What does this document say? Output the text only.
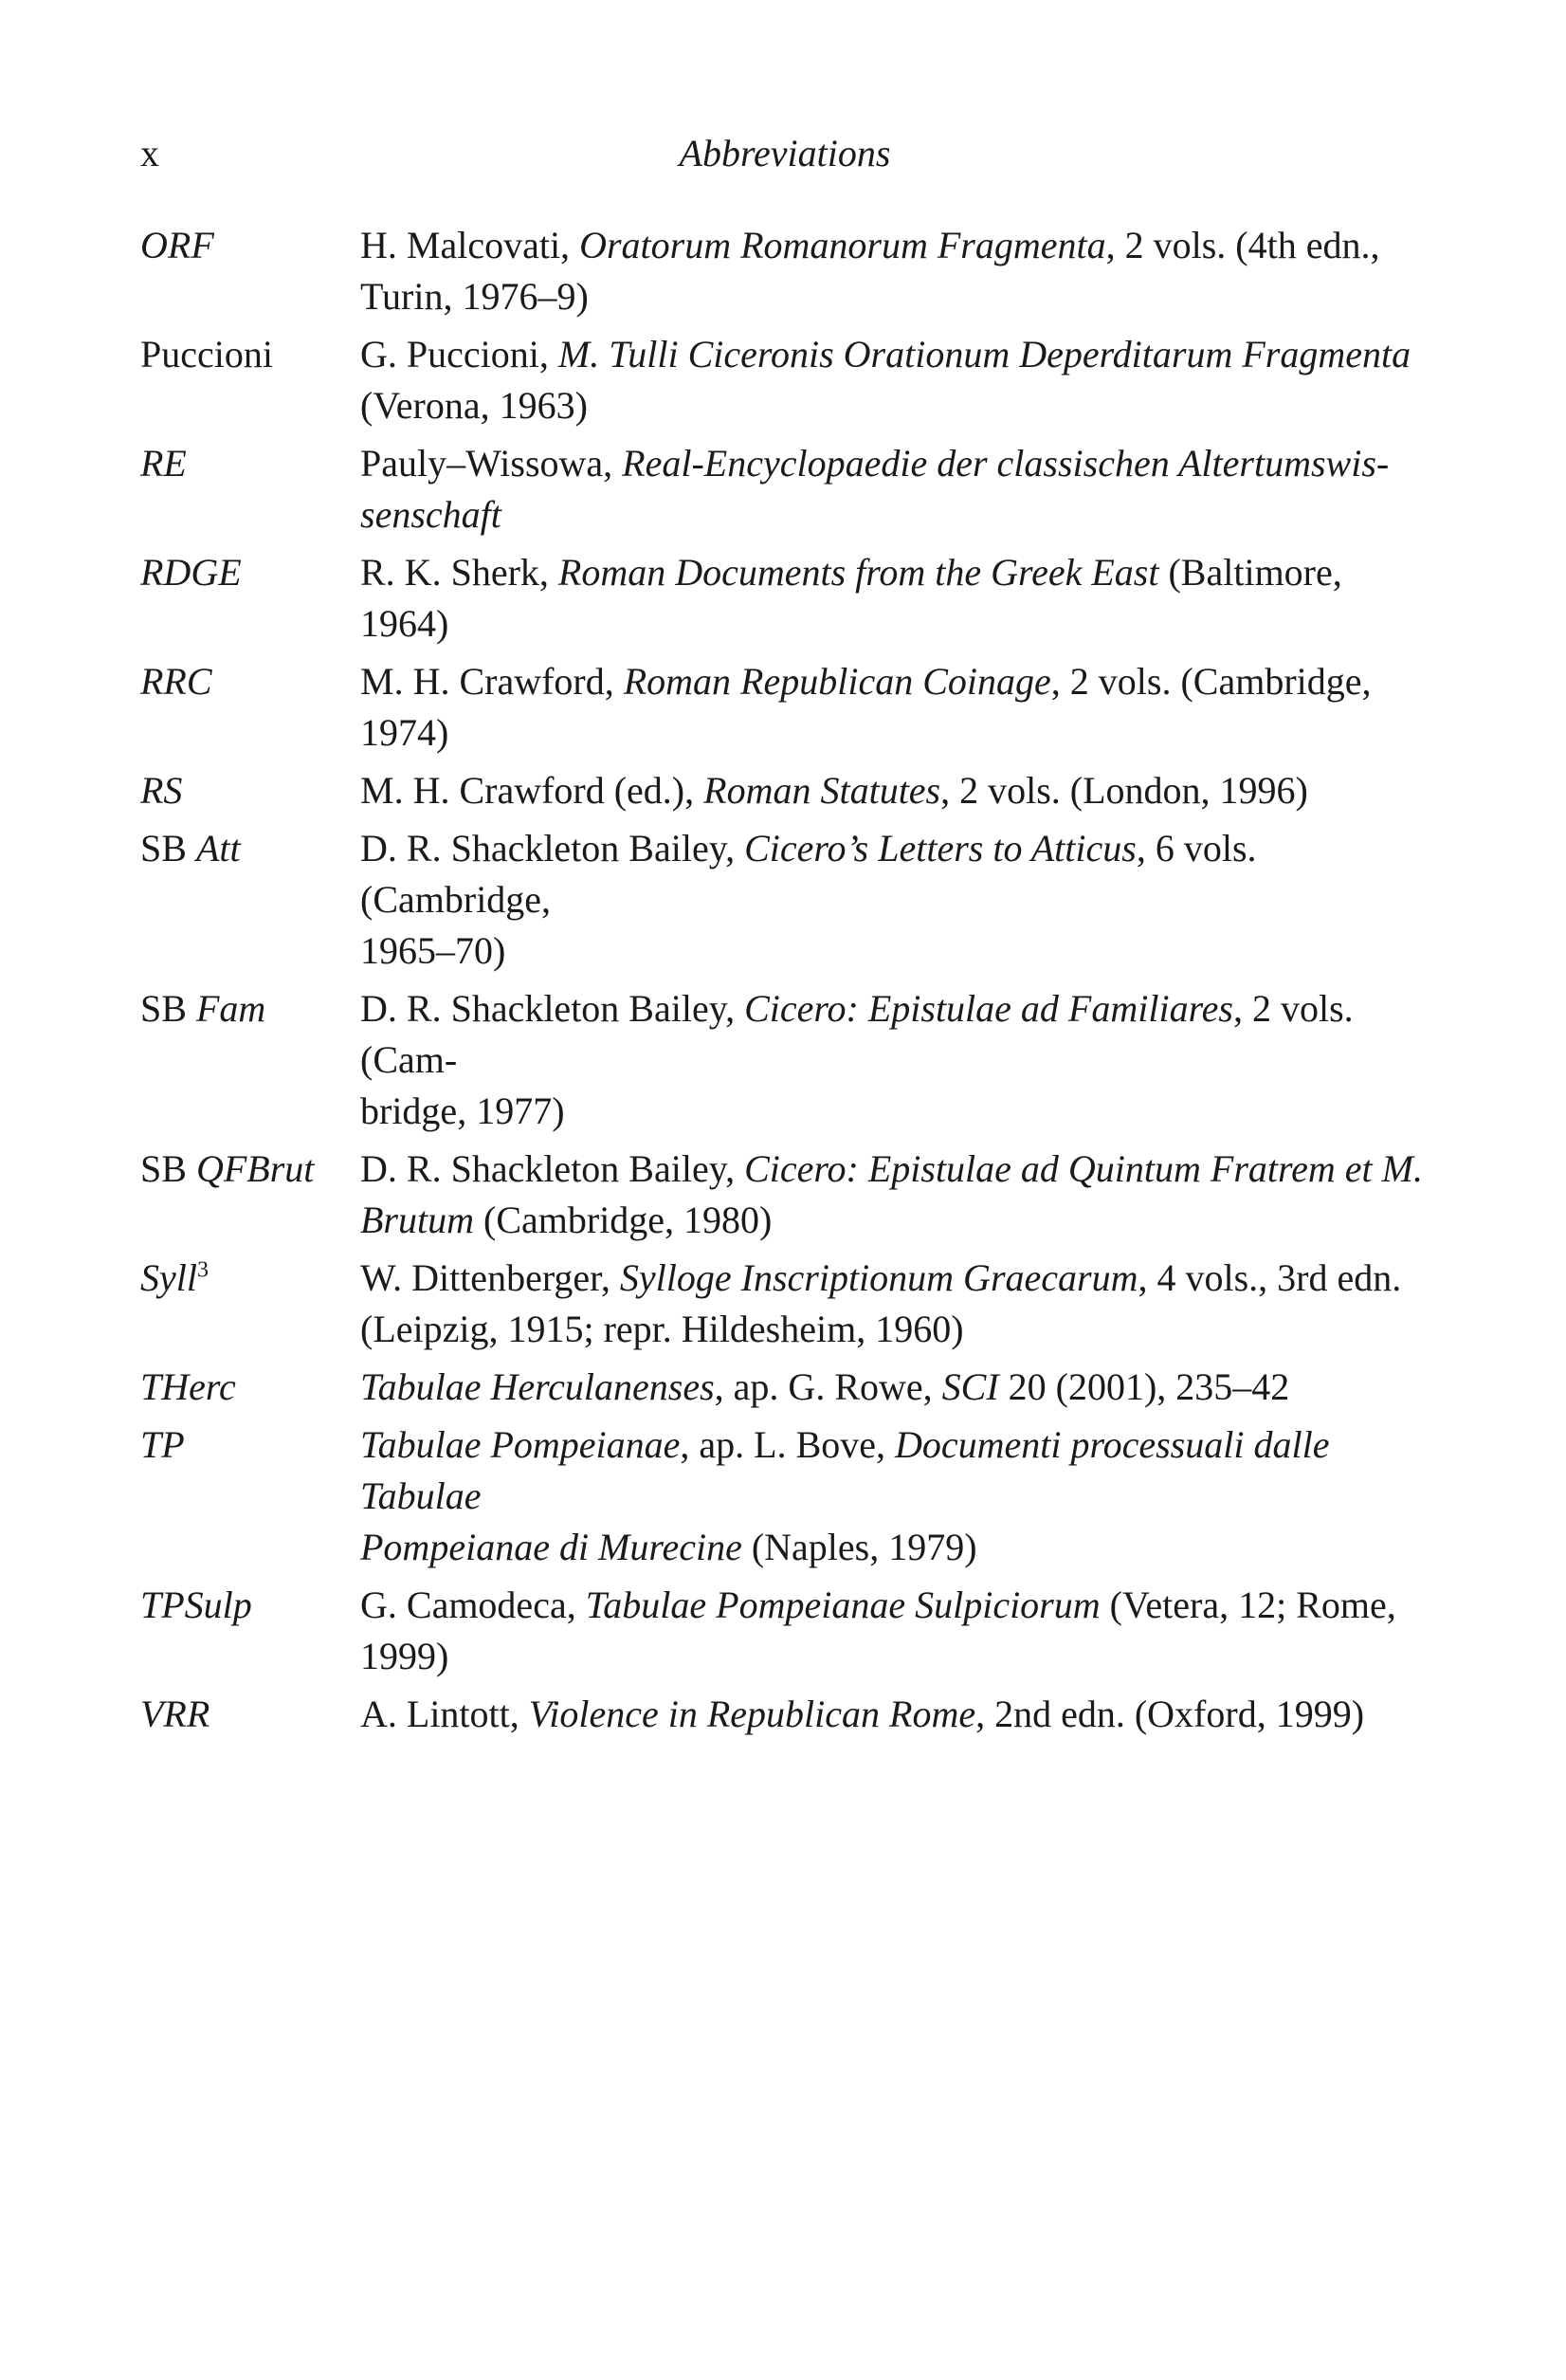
x	Abbreviations
ORF	H. Malcovati, Oratorum Romanorum Fragmenta, 2 vols. (4th edn.,
Turin, 1976–9)
Puccioni	G. Puccioni, M. Tulli Ciceronis Orationum Deperditarum Fragmenta
(Verona, 1963)
RE	Pauly–Wissowa, Real-Encyclopaedie der classischen Altertumswis-
senschaft
RDGE	R. K. Sherk, Roman Documents from the Greek East (Baltimore, 1964)
RRC	M. H. Crawford, Roman Republican Coinage, 2 vols. (Cambridge, 1974)
RS	M. H. Crawford (ed.), Roman Statutes, 2 vols. (London, 1996)
SB Att	D. R. Shackleton Bailey, Cicero’s Letters to Atticus, 6 vols. (Cambridge,
1965–70)
SB Fam	D. R. Shackleton Bailey, Cicero: Epistulae ad Familiares, 2 vols. (Cam-
bridge, 1977)
SB QFBrut	D. R. Shackleton Bailey, Cicero: Epistulae ad Quintum Fratrem et M.
Brutum (Cambridge, 1980)
Syll$^3$	W. Dittenberger, Sylloge Inscriptionum Graecarum, 4 vols., 3rd edn.
(Leipzig, 1915; repr. Hildesheim, 1960)
THerc	Tabulae Herculanenses, ap. G. Rowe, SCI 20 (2001), 235–42
TP	Tabulae Pompeianae, ap. L. Bove, Documenti processuali dalle Tabulae
Pompeianae di Murecine (Naples, 1979)
TPSulp	G. Camodeca, Tabulae Pompeianae Sulpiciorum (Vetera, 12; Rome,
1999)
VRR	A. Lintott, Violence in Republican Rome, 2nd edn. (Oxford, 1999)
